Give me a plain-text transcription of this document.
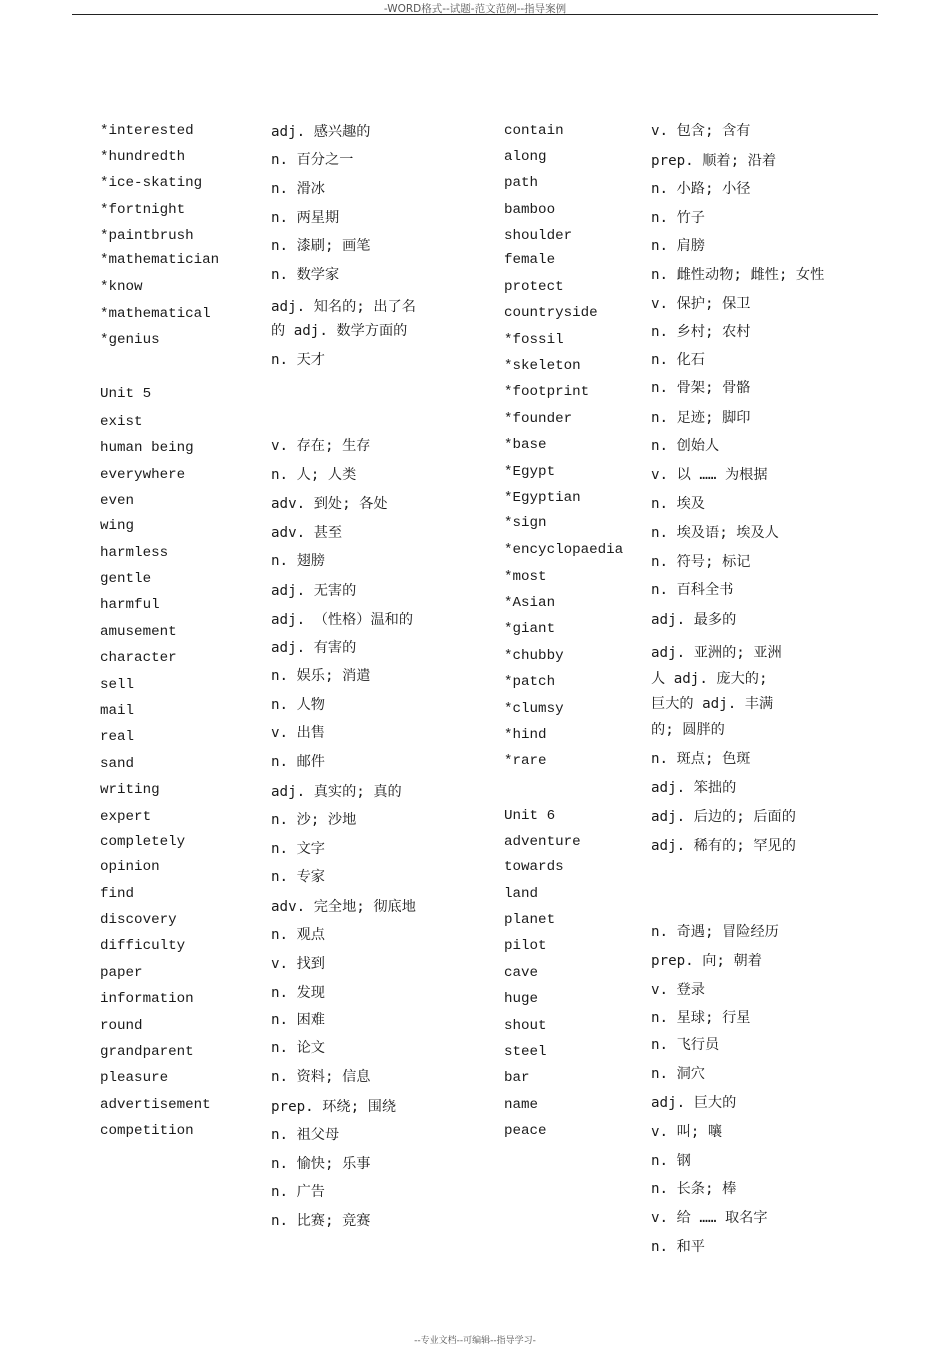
-WORD格式--试题-范文范例--指导案例
*interested
*hundredth
*ice-skating
*fortnight
*paintbrush
*mathematician
*know
*mathematical
*genius
Unit 5
exist
human being
everywhere
even
wing
harmless
gentle
harmful
amusement
character
sell
mail
real
sand
writing
expert
completely
opinion
find
discovery
difficulty
paper
information
round
grandparent
pleasure
advertisement
competition
adj. 感兴趣的
n. 百分之一
n. 滑冰
n. 两星期
n. 漆刷; 画笔
n. 数学家
adj. 知名的; 出了名
的 adj. 数学方面的
n. 天才
v. 存在; 生存
n. 人; 人类
adv. 到处; 各处
adv. 甚至
n. 翅膀
adj. 无害的
adj. （性格）温和的
adj. 有害的
n. 娱乐; 消遣
n. 人物
v. 出售
n. 邮件
adj. 真实的; 真的
n. 沙; 沙地
n. 文字
n. 专家
adv. 完全地; 彻底地
n. 观点
v. 找到
n. 发现
n. 困难
n. 论文
n. 资料; 信息
prep. 环绕; 围绕
n. 祖父母
n. 愉快; 乐事
n. 广告
n. 比赛; 竞赛
contain
along
path
bamboo
shoulder
female
protect
countryside
*fossil
*skeleton
*footprint
*founder
*base
*Egypt
*Egyptian
*sign
*encyclopaedia
*most
*Asian
*giant
*chubby
*patch
*clumsy
*hind
*rare
Unit 6
adventure
towards
land
planet
pilot
cave
huge
shout
steel
bar
name
peace
v. 包含; 含有
prep. 顺着; 沿着
n. 小路; 小径
n. 竹子
n. 肩膀
n. 雌性动物; 雌性; 女性
v. 保护; 保卫
n. 乡村; 农村
n. 化石
n. 骨架; 骨骼
n. 足迹; 脚印
n. 创始人
v. 以 …… 为根据
n. 埃及
n. 埃及语; 埃及人
n. 符号; 标记
n. 百科全书
adj. 最多的
adj. 亚洲的; 亚洲
人 adj. 庞大的;
巨大的 adj. 丰满
的; 圆胖的
n. 斑点; 色斑
adj. 笨拙的
adj. 后边的; 后面的
adj. 稀有的; 罕见的
n. 奇遇; 冒险经历
prep. 向; 朝着
v. 登录
n. 星球; 行星
n. 飞行员
n. 洞穴
adj. 巨大的
v. 叫; 嚷
n. 钢
n. 长条; 棒
v. 给 …… 取名字
n. 和平
--专业文档--可编辑--指导学习-
